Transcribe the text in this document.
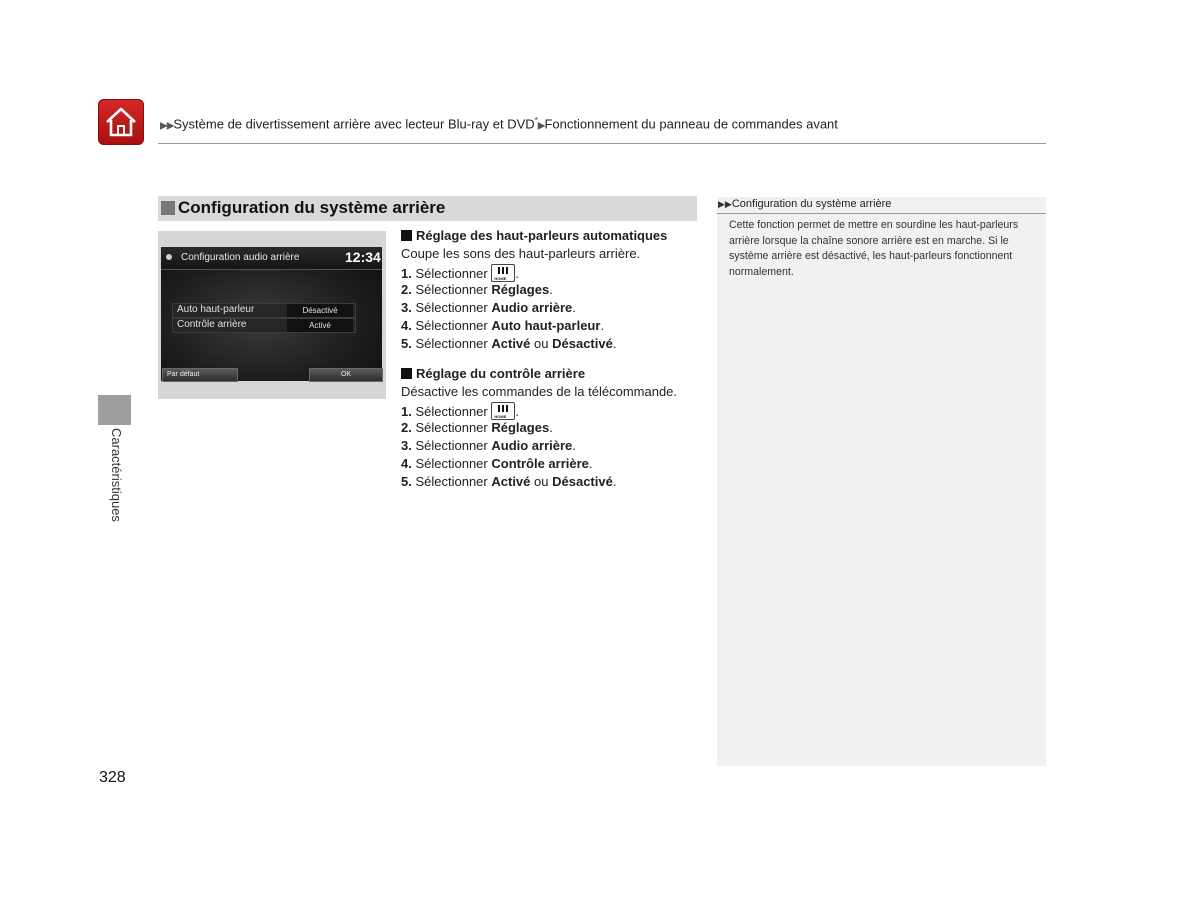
▶▶Système de divertissement arrière avec lecteur Blu-ray et DVD*▶Fonctionnement du panneau de commandes avant
Caractéristiques
Configuration du système arrière
Configuration audio arrière	12:34
Auto haut-parleur	Désactivé
Contrôle arrière	Activé
Par défaut	OK
Réglage des haut-parleurs automatiques
Coupe les sons des haut-parleurs arrière.
1. Sélectionner HOME .
2. Sélectionner Réglages.
3. Sélectionner Audio arrière.
4. Sélectionner Auto haut-parleur.
5. Sélectionner Activé ou Désactivé.
Réglage du contrôle arrière
Désactive les commandes de la télécommande.
1. Sélectionner HOME .
2. Sélectionner Réglages.
3. Sélectionner Audio arrière.
4. Sélectionner Contrôle arrière.
5. Sélectionner Activé ou Désactivé.
▶▶Configuration du système arrière
Cette fonction permet de mettre en sourdine les haut-parleurs arrière lorsque la chaîne sonore arrière est en marche. Si le système arrière est désactivé, les haut-parleurs fonctionnent normalement.
328
